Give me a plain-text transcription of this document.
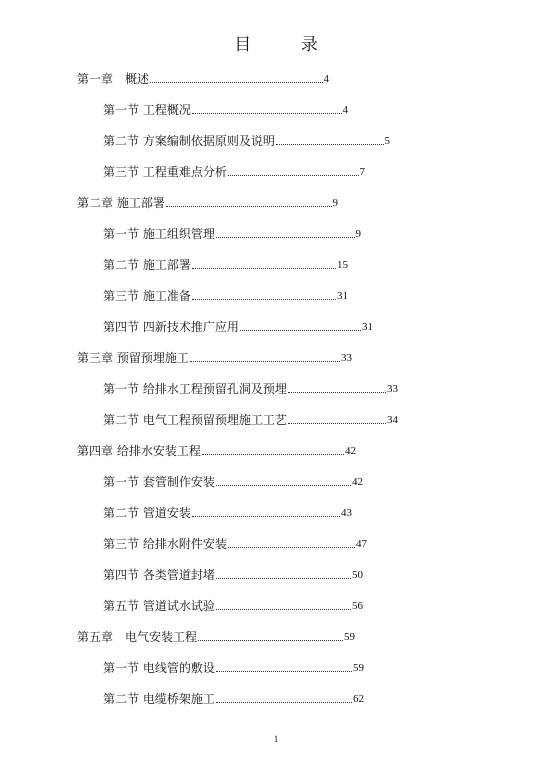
目 录
第一章　概述	4
第一节 工程概况	4
第二节 方案编制依据原则及说明	5
第三节 工程重难点分析	7
第二章 施工部署	9
第一节 施工组织管理	9
第二节 施工部署	15
第三节 施工准备	31
第四节 四新技术推广应用	31
第三章 预留预埋施工	33
第一节 给排水工程预留孔洞及预埋	33
第二节 电气工程预留预埋施工工艺	34
第四章 给排水安装工程	42
第一节 套管制作安装	42
第二节 管道安装	43
第三节 给排水附件安装	47
第四节 各类管道封堵	50
第五节 管道试水试验	56
第五章　电气安装工程	59
第一节 电线管的敷设	59
第二节 电缆桥架施工	62
1
